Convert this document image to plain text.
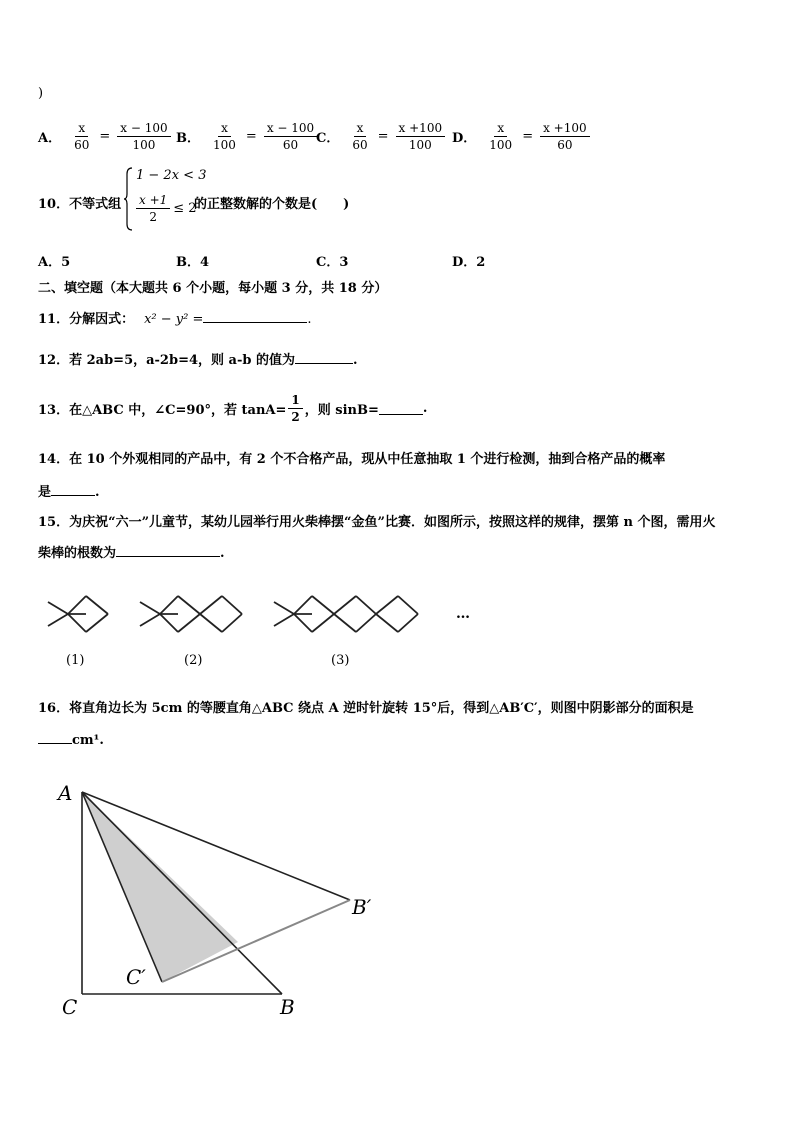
)
A． $\frac{x}{60} = \frac{x - 100}{100}$ B． $\frac{x}{100} = \frac{x - 100}{60}$
C． $\frac{x}{60} = \frac{x +100}{100}$ D． $\frac{x}{100} = \frac{x +100}{60}$
10．不等式组
1 − 2x < 3
$\frac{x +1}{2} \le 2$
的正整数解的个数是(　　)
A．5	B．4	C．3	D．2
二、填空题（本大题共 6 个小题，每小题 3 分，共 18 分）
11．分解因式： x² − y² =	.
12．若 2ab=5，a-2b=4，则 a-b 的值为	.
13．在△ABC 中，∠C=90°，若 $\tan A= \frac{1}{2}$ ，则 sinB=	.
14．在 10 个外观相同的产品中，有 2 个不合格产品，现从中任意抽取 1 个进行检测，抽到合格产品的概率
是	.
15．为庆祝“六一”儿童节，某幼儿园举行用火柴棒摆“金鱼”比赛．如图所示，按照这样的规律，摆第 n 个图，需用火
柴棒的根数为	.
(1)	(2)	(3)
…
16．将直角边长为 5cm 的等腰直角△ABC 绕点 A 逆时针旋转 15°后，得到△AB′C′，则图中阴影部分的面积是
cm¹.
A
C	B
B′
C′
